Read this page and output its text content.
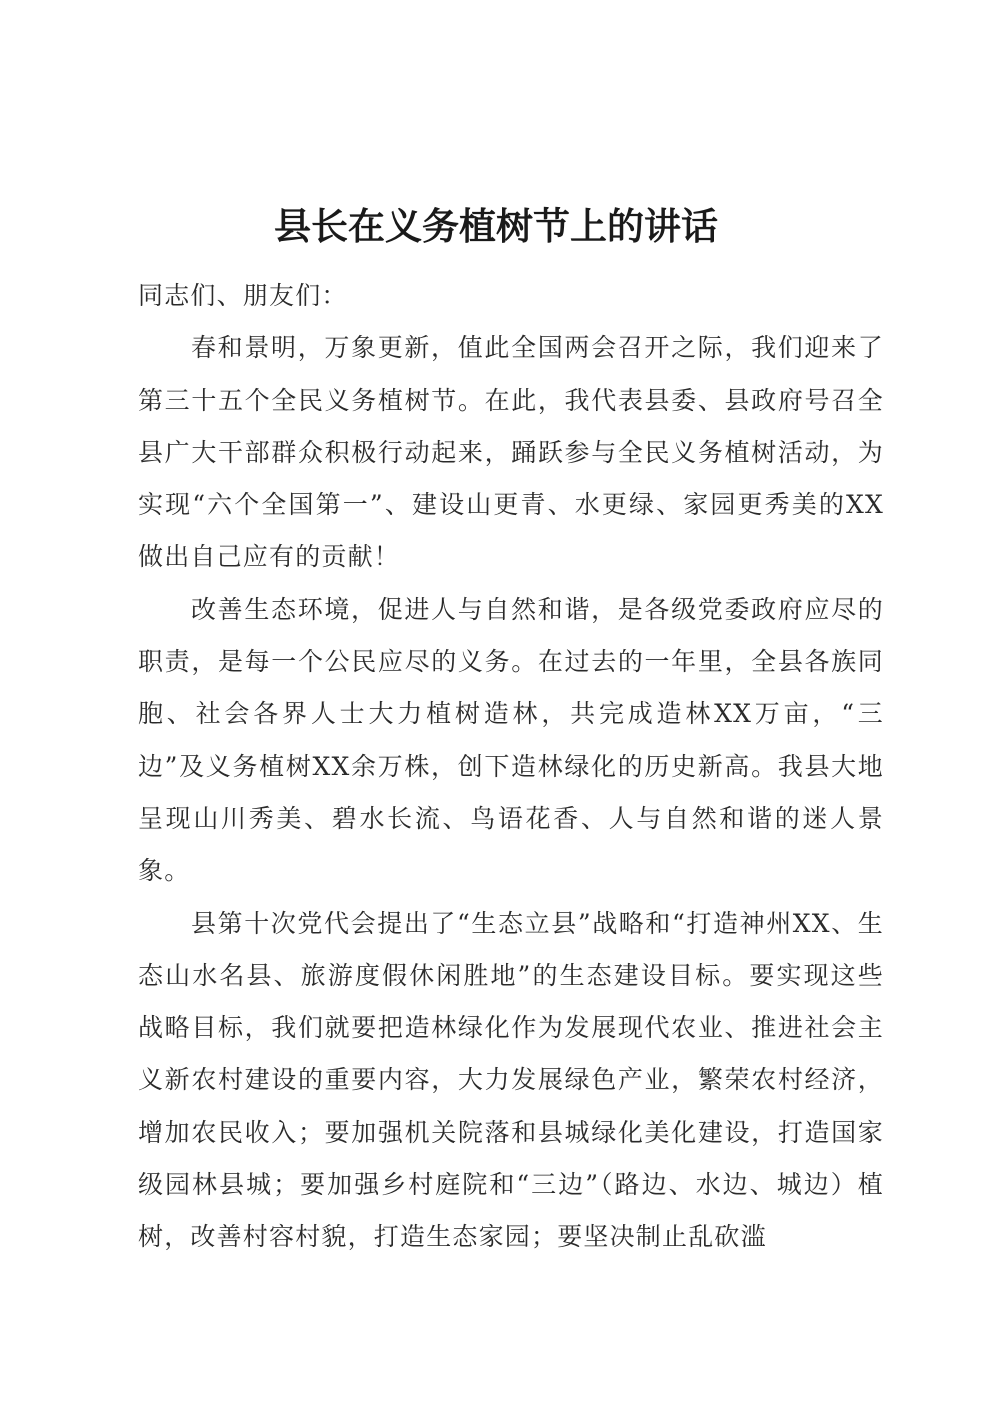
县长在义务植树节上的讲话

同志们、朋友们：

春和景明，万象更新，值此全国两会召开之际，我们迎来了第三十五个全民义务植树节。在此，我代表县委、县政府号召全县广大干部群众积极行动起来，踊跃参与全民义务植树活动，为实现“六个全国第一”、建设山更青、水更绿、家园更秀美的XX做出自己应有的贡献！

改善生态环境，促进人与自然和谐，是各级党委政府应尽的职责，是每一个公民应尽的义务。在过去的一年里，全县各族同胞、社会各界人士大力植树造林，共完成造林XX万亩，“三边”及义务植树XX余万株，创下造林绿化的历史新高。我县大地呈现山川秀美、碧水长流、鸟语花香、人与自然和谐的迷人景象。

县第十次党代会提出了“生态立县”战略和“打造神州XX、生态山水名县、旅游度假休闲胜地”的生态建设目标。要实现这些战略目标，我们就要把造林绿化作为发展现代农业、推进社会主义新农村建设的重要内容，大力发展绿色产业，繁荣农村经济，增加农民收入；要加强机关院落和县城绿化美化建设，打造国家级园林县城；要加强乡村庭院和“三边”（路边、水边、城边）植树，改善村容村貌，打造生态家园；要坚决制止乱砍滥
